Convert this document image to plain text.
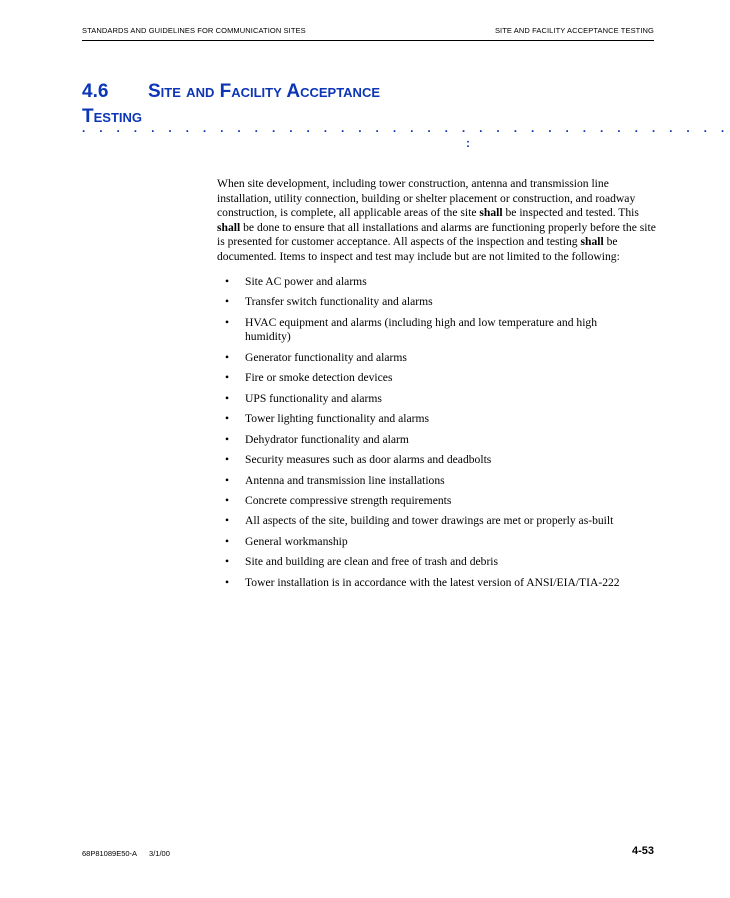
STANDARDS AND GUIDELINES FOR COMMUNICATION SITES	SITE AND FACILITY ACCEPTANCE TESTING
4.6 Site and Facility Acceptance
Testing
. . . . . . . . . . . . . . . . . . . . . . . . . . . . . . . . . . . . . .
:

When site development, including tower construction, antenna and transmission line installation, utility connection, building or shelter placement or construction, and roadway construction, is complete, all applicable areas of the site shall be inspected and tested. This shall be done to ensure that all installations and alarms are functioning properly before the site is presented for customer acceptance. All aspects of the inspection and testing shall be documented. Items to inspect and test may include but are not limited to the following:

• Site AC power and alarms
• Transfer switch functionality and alarms
• HVAC equipment and alarms (including high and low temperature and high humidity)
• Generator functionality and alarms
• Fire or smoke detection devices
• UPS functionality and alarms
• Tower lighting functionality and alarms
• Dehydrator functionality and alarm
• Security measures such as door alarms and deadbolts
• Antenna and transmission line installations
• Concrete compressive strength requirements
• All aspects of the site, building and tower drawings are met or properly as-built
• General workmanship
• Site and building are clean and free of trash and debris
• Tower installation is in accordance with the latest version of ANSI/EIA/TIA-222
68P81089E50-A 3/1/00	4-53
